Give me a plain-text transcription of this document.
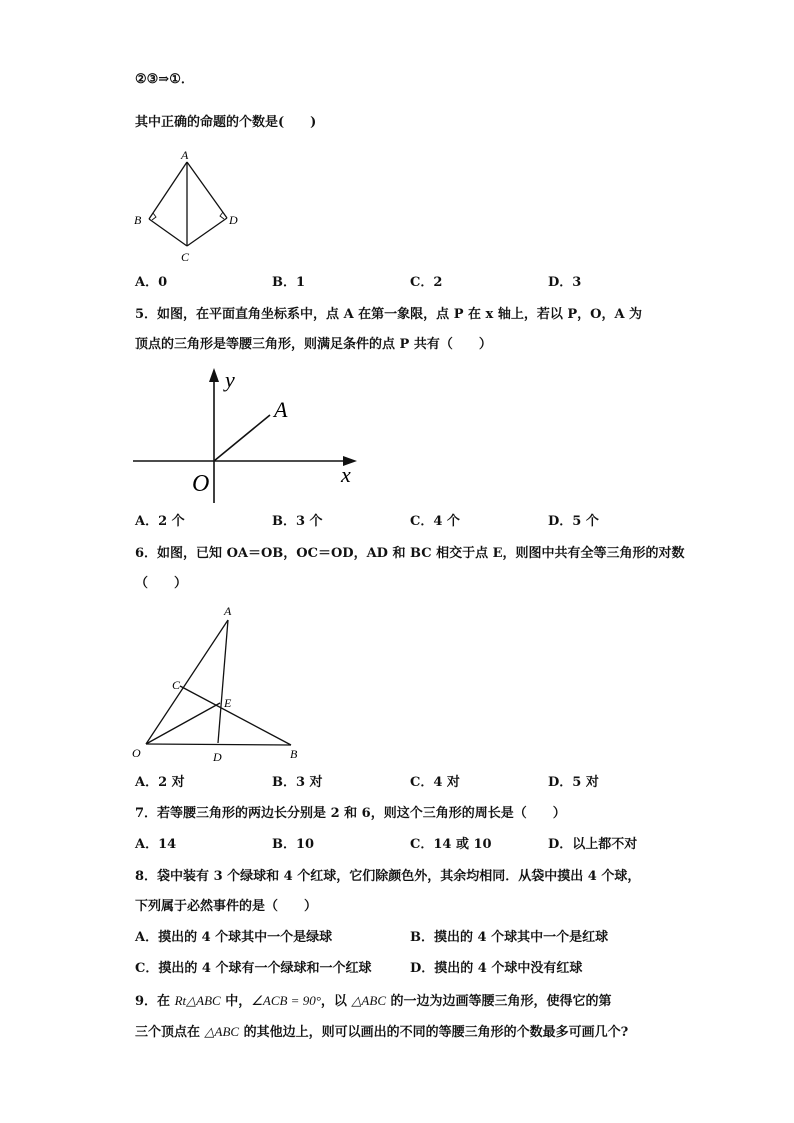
②③⇒①．
其中正确的命题的个数是(　　)
A
B
C
D
A．0	B．1	C．2	D．3
5．如图，在平面直角坐标系中，点 A 在第一象限，点 P 在 x 轴上，若以 P，O，A 为
顶点的三角形是等腰三角形，则满足条件的点 P 共有（　　）
y
A
O	x
A．2 个	B．3 个	C．4 个	D．5 个
6．如图，已知 OA＝OB，OC＝OD，AD 和 BC 相交于点 E，则图中共有全等三角形的对数
（　　）
A
C
E
O	D	B
A．2 对	B．3 对	C．4 对	D．5 对
7．若等腰三角形的两边长分别是 2 和 6，则这个三角形的周长是（　　）
A．14	B．10	C．14 或 10	D．以上都不对
8．袋中装有 3 个绿球和 4 个红球，它们除颜色外，其余均相同．从袋中摸出 4 个球，
下列属于必然事件的是（　　）
A．摸出的 4 个球其中一个是绿球	B．摸出的 4 个球其中一个是红球
C．摸出的 4 个球有一个绿球和一个红球	D．摸出的 4 个球中没有红球
9．在 Rt△ABC 中，∠ACB = 90°，以 △ABC 的一边为边画等腰三角形，使得它的第
三个顶点在 △ABC 的其他边上，则可以画出的不同的等腰三角形的个数最多可画几个?
